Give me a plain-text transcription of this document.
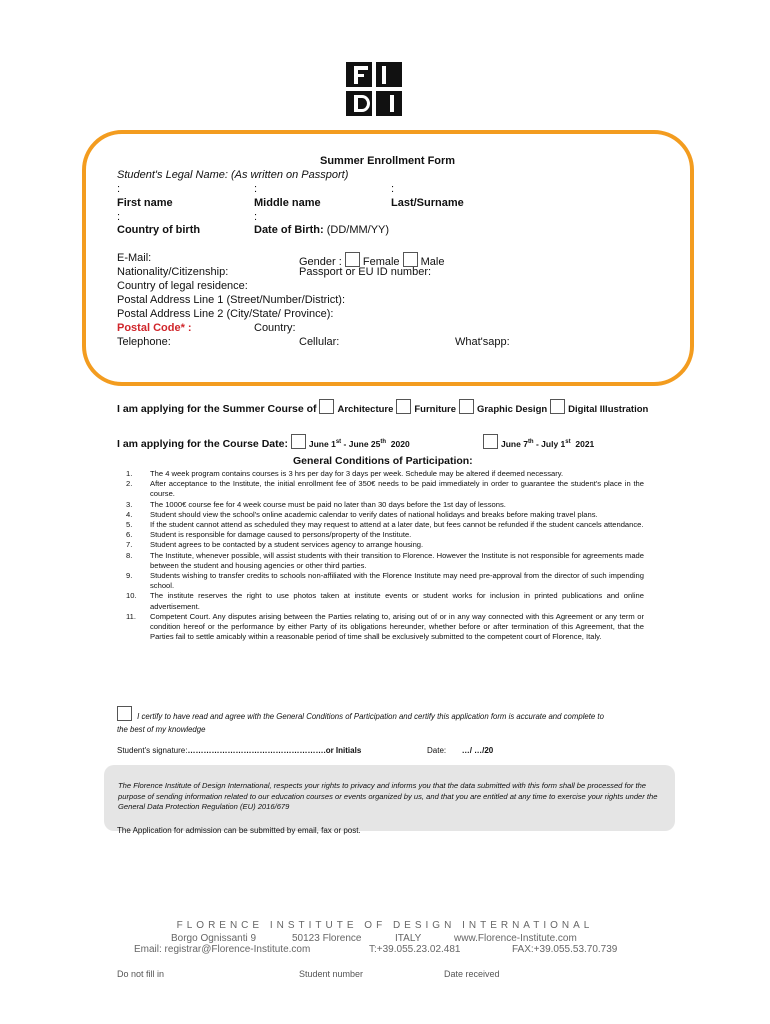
Summer Enrollment Form
Student's Legal Name: (As written on Passport)
:	:	:
First name	Middle name	Last/Surname
:	:
Country of birth	Date of Birth: (DD/MM/YY)
E-Mail:	Gender : Female Male
Nationality/Citizenship:	Passport or EU ID number:
Country of legal residence:
Postal Address Line 1 (Street/Number/District):
Postal Address Line 2 (City/State/ Province):
Postal Code* :	Country:
Telephone:	Cellular:	What'sapp:
I am applying for the Summer Course of Architecture Furniture Graphic Design Digital Illustration
I am applying for the Course Date: June 1st - June 25th 2020	June 7th - July 1st 2021
General Conditions of Participation:
1.	The 4 week program contains courses is 3 hrs per day for 3 days per week. Schedule may be altered if deemed necessary.
2.	After acceptance to the Institute, the initial enrollment fee of 350€ needs to be paid immediately in order to guarantee the student's place in the course.
3.	The 1000€ course fee for 4 week course must be paid no later than 30 days before the 1st day of lessons.
4.	Student should view the school's online academic calendar to verify dates of national holidays and breaks before making travel plans.
5.	If the student cannot attend as scheduled they may request to attend at a later date, but fees cannot be refunded if the student cancels attendance.
6.	Student is responsible for damage caused to persons/property of the Institute.
7.	Student agrees to be contacted by a student services agency to arrange housing.
8.	The Institute, whenever possible, will assist students with their transition to Florence. However the Institute is not responsible for agreements made between the student and housing agencies or other third parties.
9.	Students wishing to transfer credits to schools non-affiliated with the Florence Institute may need pre-approval from the director of such impending school.
10.	The institute reserves the right to use photos taken at institute events or student works for inclusion in printed publications and online advertisement.
11.	Competent Court. Any disputes arising between the Parties relating to, arising out of or in any way connected with this Agreement or any term or condition hereof or the performance by either Party of its obligations hereunder, whether before or after termination of this Agreement, that the Parties fail to settle amicably within a reasonable period of time shall be exclusively submitted to the competent court of Florence, Italy.
I certify to have read and agree with the General Conditions of Participation and certify this application form is accurate and complete to
the best of my knowledge
Student's signature:…………………………………………….or Initials	Date: …/ …/20
The Florence Institute of Design International, respects your rights to privacy and informs you that the data submitted with this form shall be processed for the purpose of sending information related to our education courses or events organized by us, and that you are entitled at any time to exercise your rights under the General Data Protection Regulation (EU) 2016/679
The Application for admission can be submitted by email, fax or post.
FLORENCE INSTITUTE OF DESIGN INTERNATIONAL
Borgo Ognissanti 9	50123 Florence	ITALY	www.Florence-Institute.com
Email: registrar@Florence-Institute.com	T:+39.055.23.02.481	FAX:+39.055.53.70.739
Do not fill in	Student number	Date received
